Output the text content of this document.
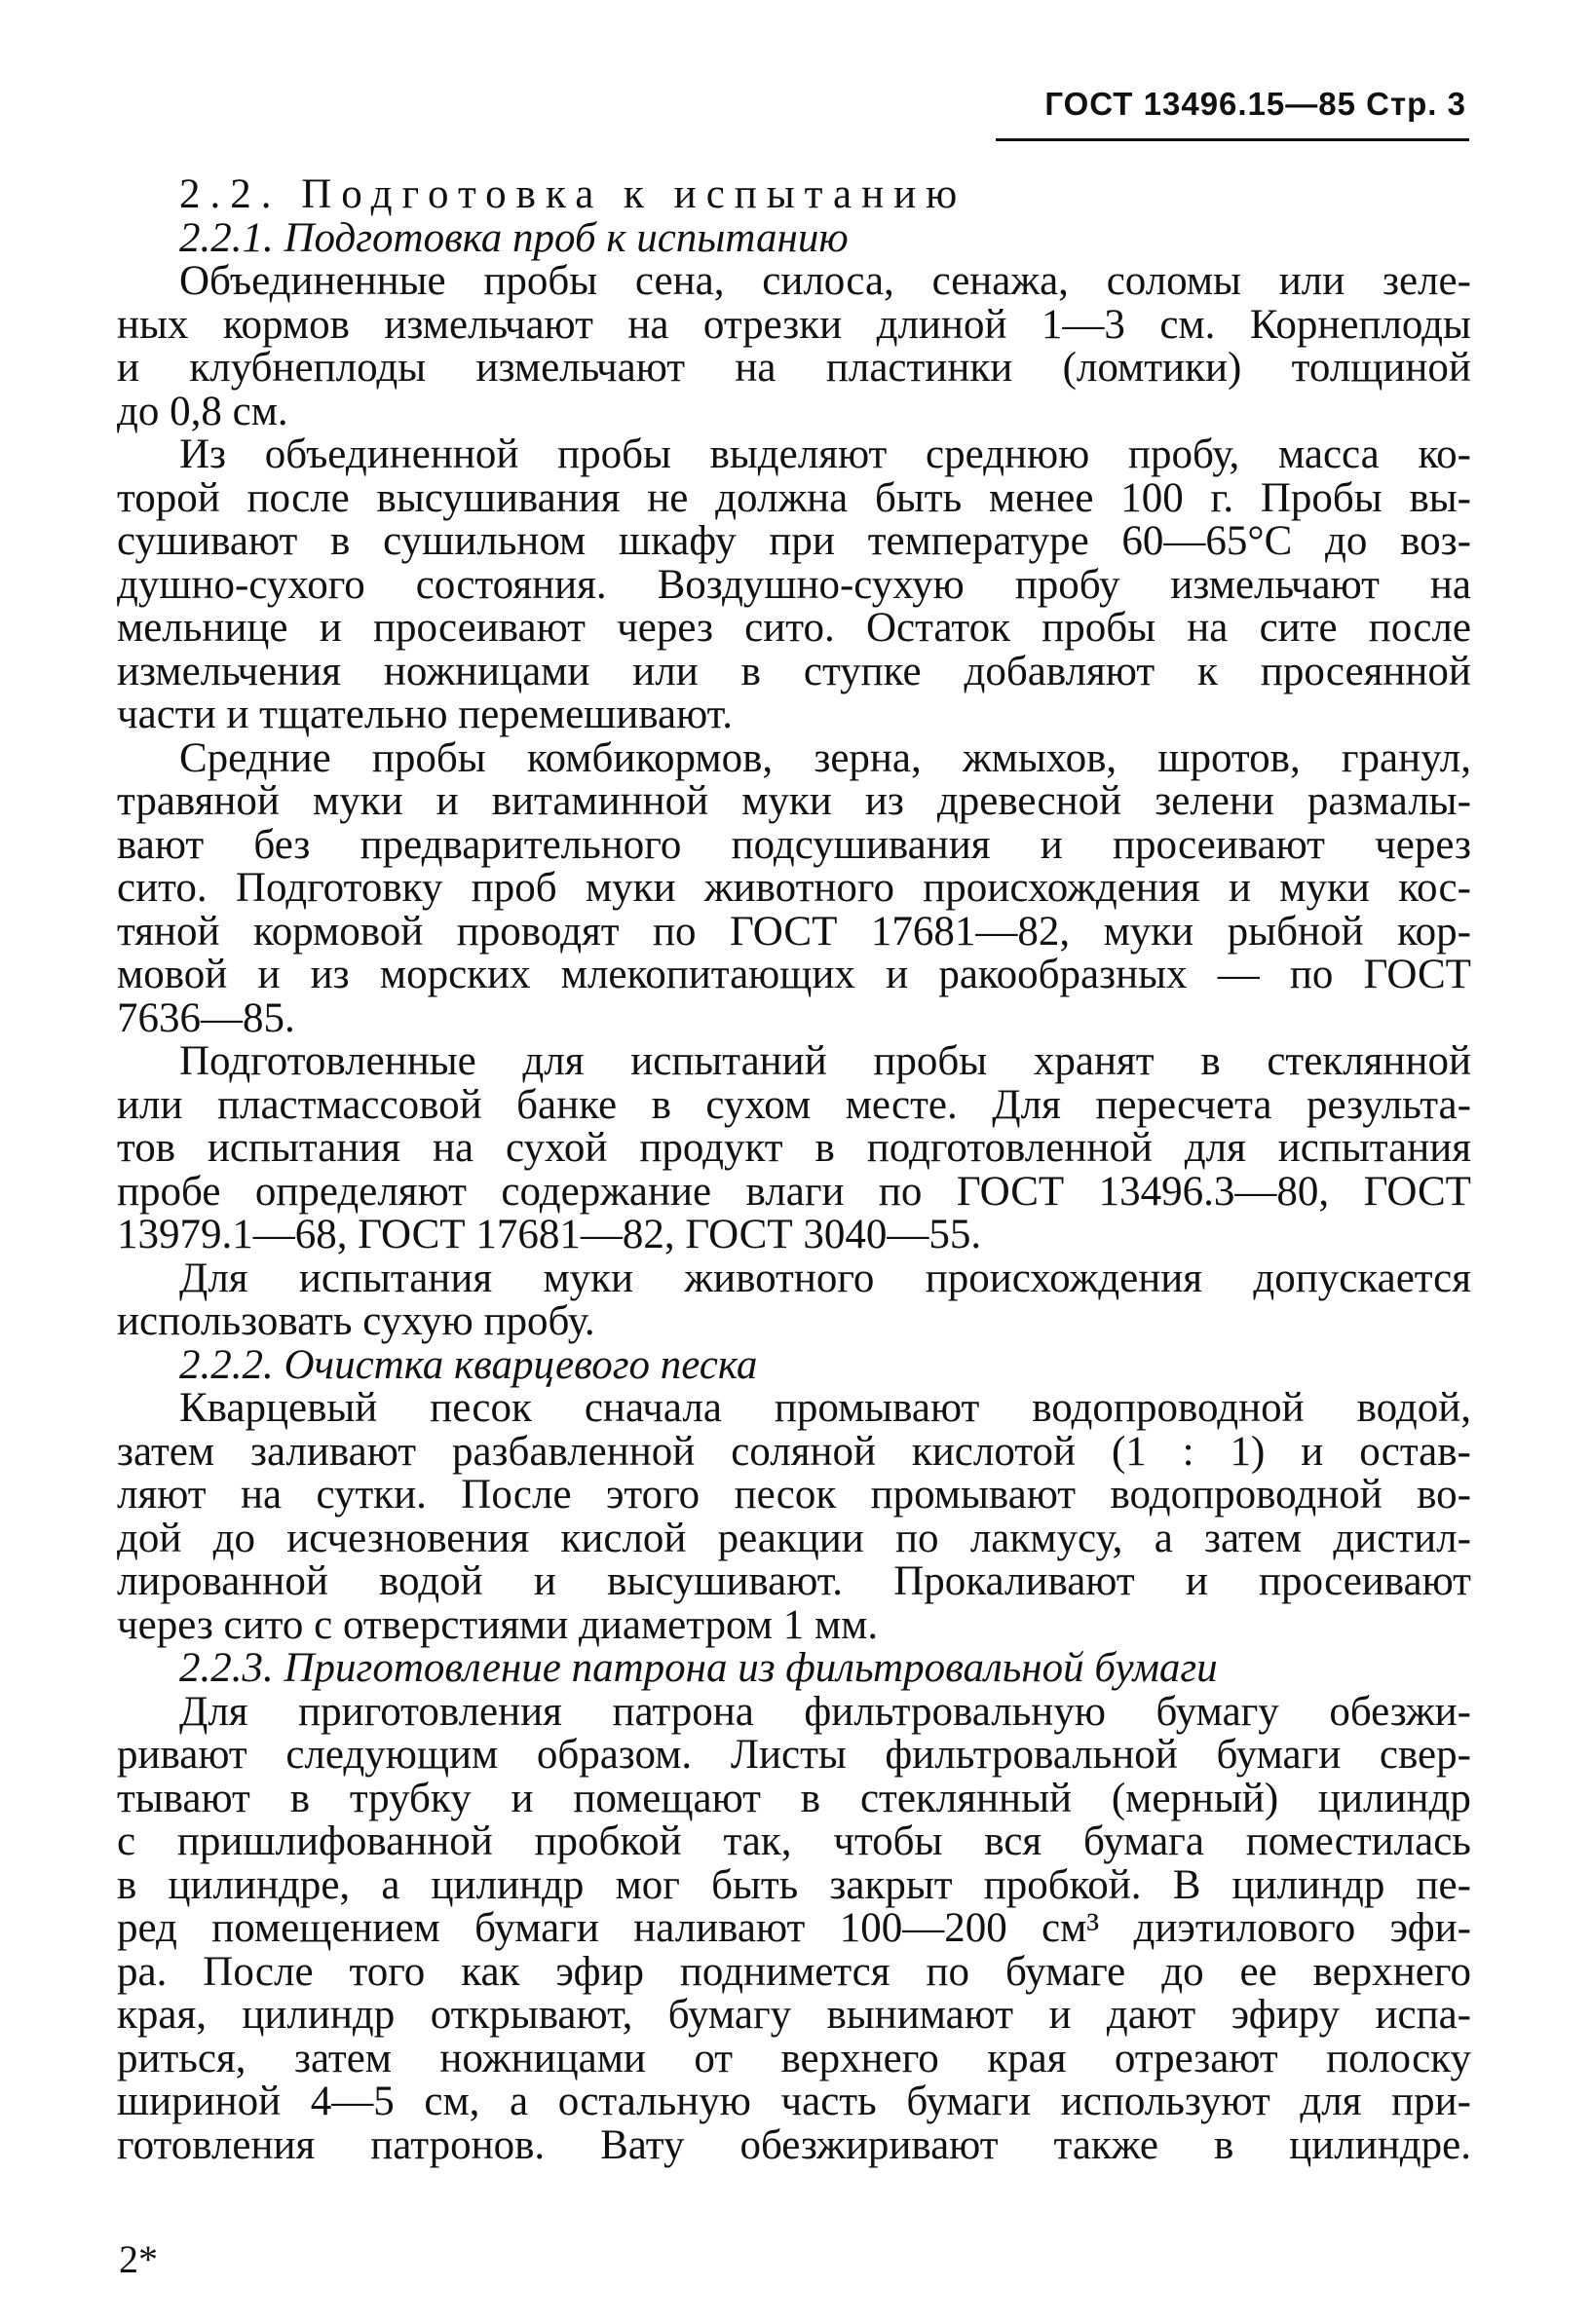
ГОСТ 13496.15—85 Стр. 3
2.2. Подготовка к испытанию
2.2.1. Подготовка проб к испытанию
Объединенные пробы сена, силоса, сенажа, соломы или зеле-
ных кормов измельчают на отрезки длиной 1—3 см. Корнеплоды
и клубнеплоды измельчают на пластинки (ломтики) толщиной
до 0,8 см.
Из объединенной пробы выделяют среднюю пробу, масса ко-
торой после высушивания не должна быть менее 100 г. Пробы вы-
сушивают в сушильном шкафу при температуре 60—65°С до воз-
душно-сухого состояния. Воздушно-сухую пробу измельчают на
мельнице и просеивают через сито. Остаток пробы на сите после
измельчения ножницами или в ступке добавляют к просеянной
части и тщательно перемешивают.
Средние пробы комбикормов, зерна, жмыхов, шротов, гранул,
травяной муки и витаминной муки из древесной зелени размалы-
вают без предварительного подсушивания и просеивают через
сито. Подготовку проб муки животного происхождения и муки кос-
тяной кормовой проводят по ГОСТ 17681—82, муки рыбной кор-
мовой и из морских млекопитающих и ракообразных — по ГОСТ
7636—85.
Подготовленные для испытаний пробы хранят в стеклянной
или пластмассовой банке в сухом месте. Для пересчета результа-
тов испытания на сухой продукт в подготовленной для испытания
пробе определяют содержание влаги по ГОСТ 13496.3—80, ГОСТ
13979.1—68, ГОСТ 17681—82, ГОСТ 3040—55.
Для испытания муки животного происхождения допускается
использовать сухую пробу.
2.2.2. Очистка кварцевого песка
Кварцевый песок сначала промывают водопроводной водой,
затем заливают разбавленной соляной кислотой (1 : 1) и остав-
ляют на сутки. После этого песок промывают водопроводной во-
дой до исчезновения кислой реакции по лакмусу, а затем дистил-
лированной водой и высушивают. Прокаливают и просеивают
через сито с отверстиями диаметром 1 мм.
2.2.3. Приготовление патрона из фильтровальной бумаги
Для приготовления патрона фильтровальную бумагу обезжи-
ривают следующим образом. Листы фильтровальной бумаги свер-
тывают в трубку и помещают в стеклянный (мерный) цилиндр
с пришлифованной пробкой так, чтобы вся бумага поместилась
в цилиндре, а цилиндр мог быть закрыт пробкой. В цилиндр пе-
ред помещением бумаги наливают 100—200 см³ диэтилового эфи-
ра. После того как эфир поднимется по бумаге до ее верхнего
края, цилиндр открывают, бумагу вынимают и дают эфиру испа-
риться, затем ножницами от верхнего края отрезают полоску
шириной 4—5 см, а остальную часть бумаги используют для при-
готовления патронов. Вату обезжиривают также в цилиндре.
2*
